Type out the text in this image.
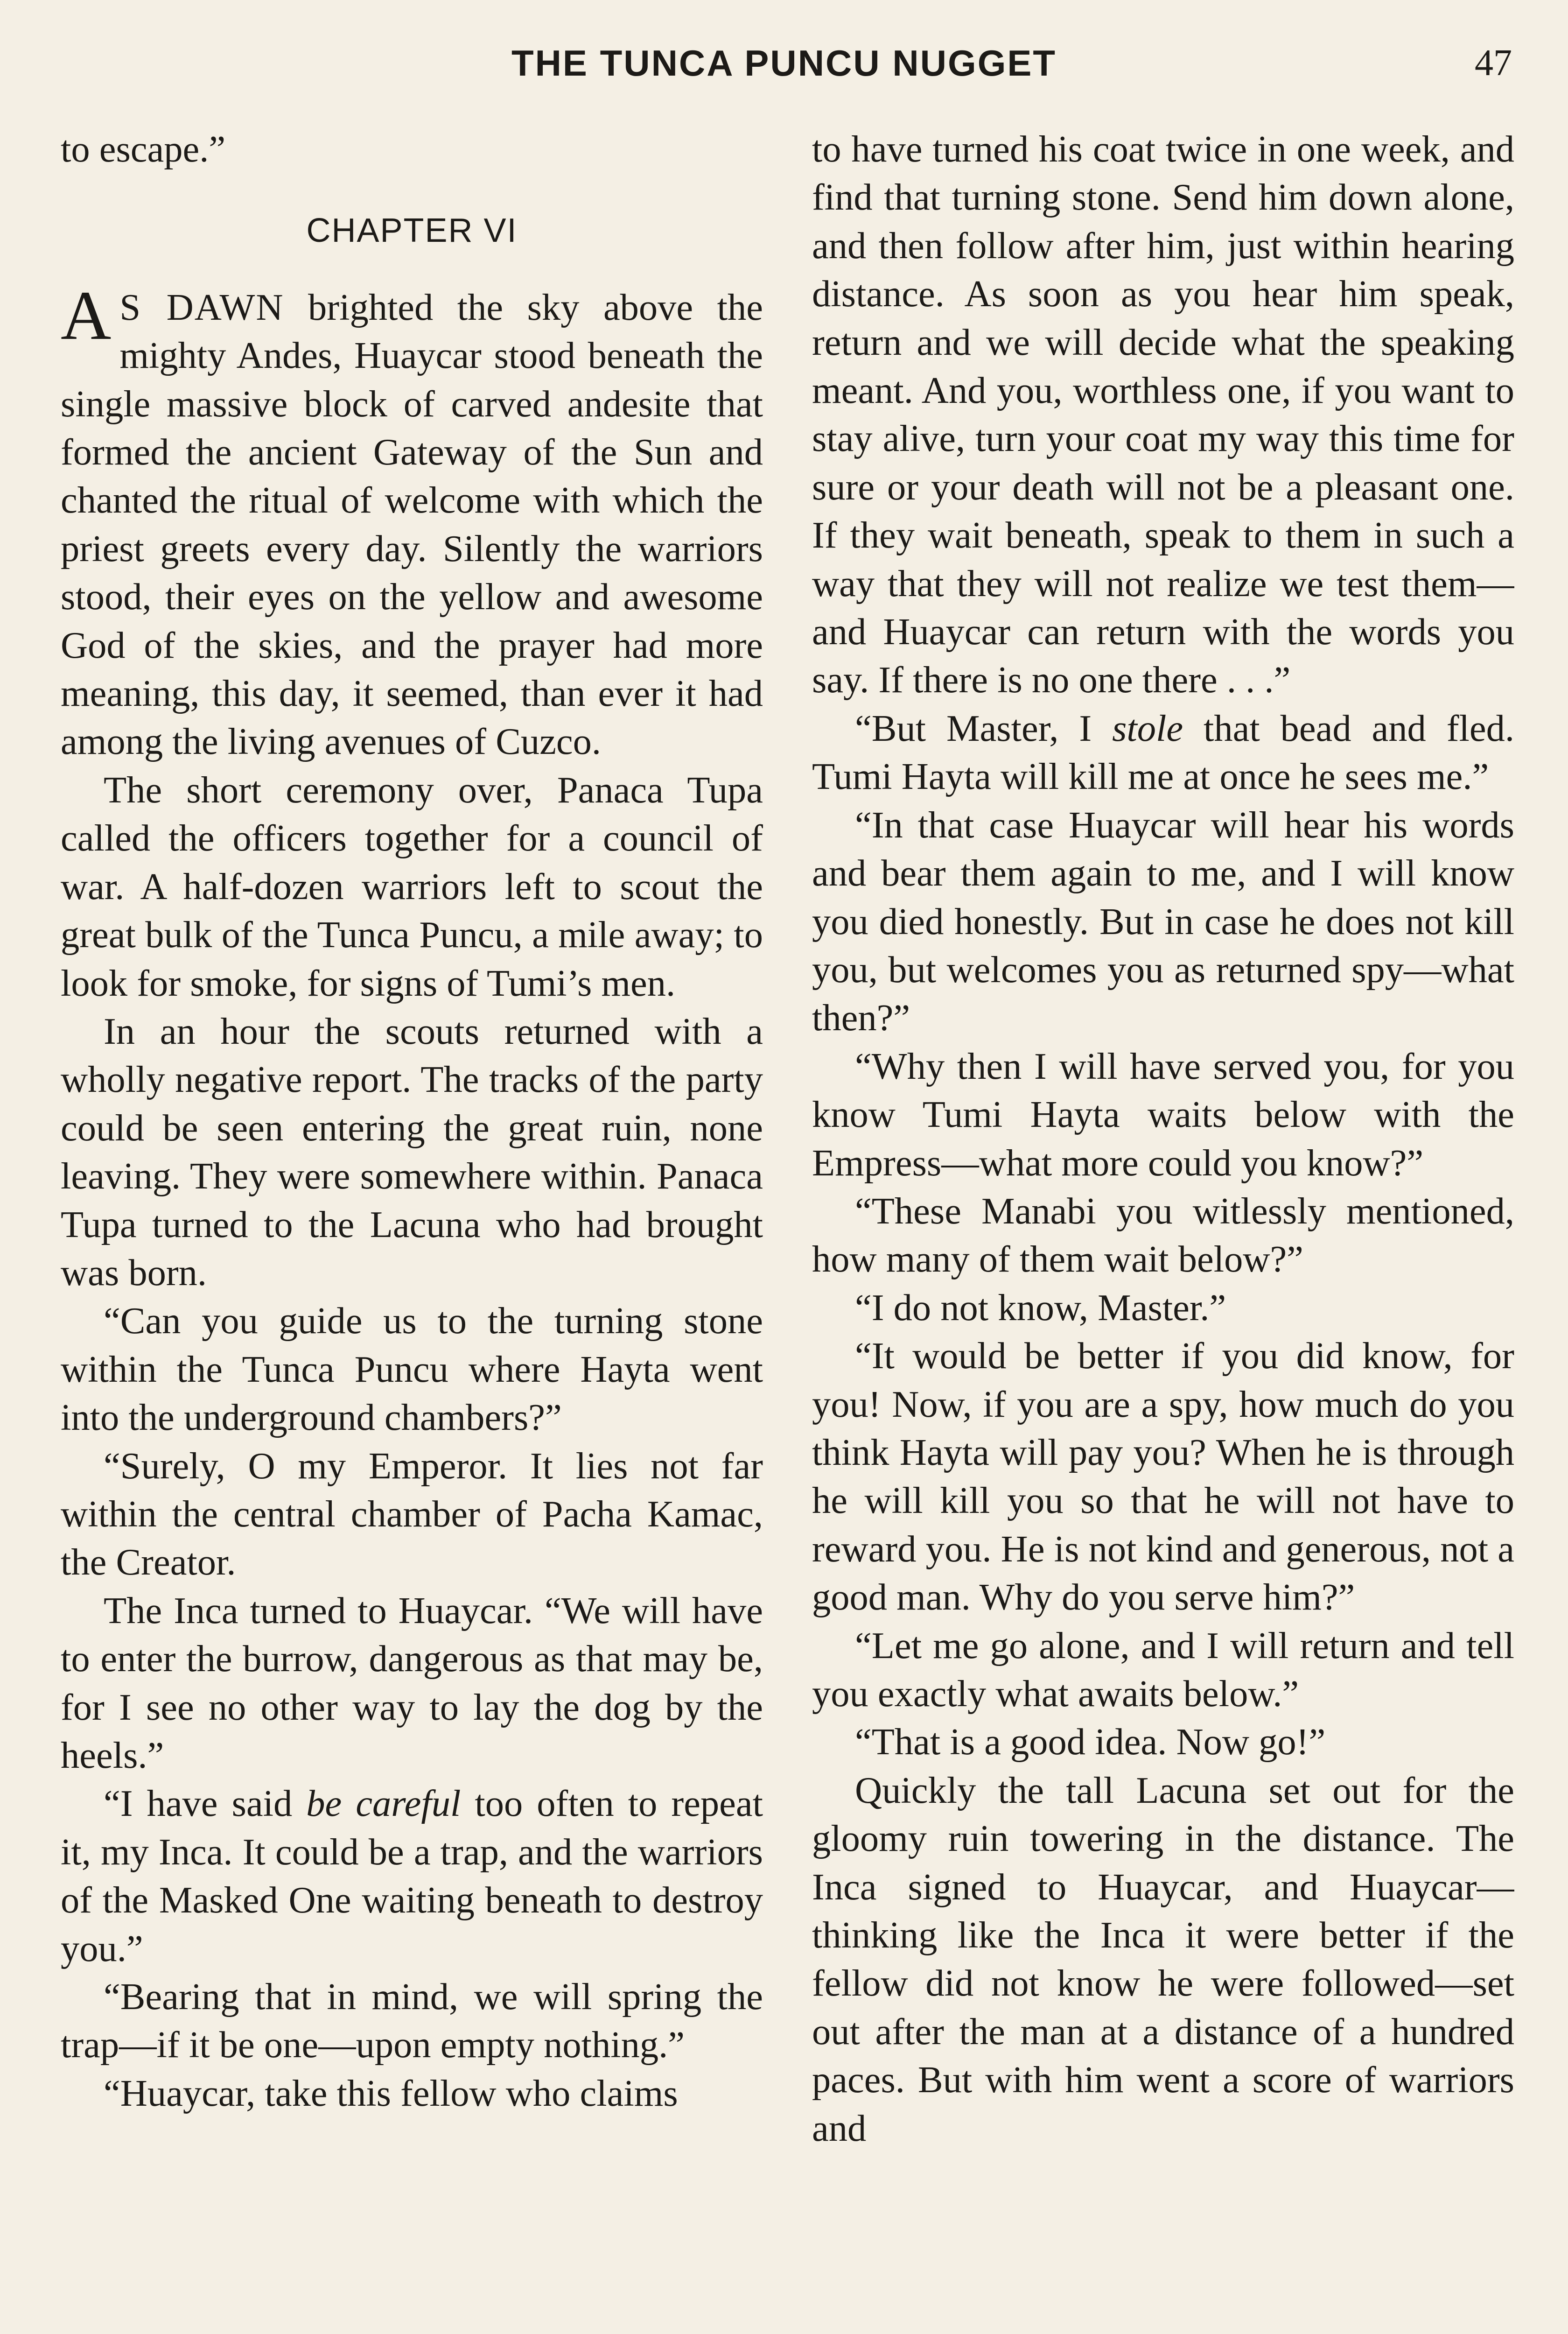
THE TUNCA PUNCU NUGGET	47

to escape.”

CHAPTER VI

A S DAWN brighted the sky above the mighty Andes, Huaycar stood beneath the single massive block of carved andesite that formed the ancient Gateway of the Sun and chanted the ritual of welcome with which the priest greets every day. Silently the warriors stood, their eyes on the yellow and awesome God of the skies, and the prayer had more meaning, this day, it seemed, than ever it had among the living avenues of Cuzco.

The short ceremony over, Panaca Tupa called the officers together for a council of war. A half-dozen warriors left to scout the great bulk of the Tunca Puncu, a mile away; to look for smoke, for signs of Tumi’s men.

In an hour the scouts returned with a wholly negative report. The tracks of the party could be seen entering the great ruin, none leaving. They were somewhere within. Panaca Tupa turned to the Lacuna who had brought was born.

“Can you guide us to the turning stone within the Tunca Puncu where Hayta went into the underground chambers?”

“Surely, O my Emperor. It lies not far within the central chamber of Pacha Kamac, the Creator.

The Inca turned to Huaycar. “We will have to enter the burrow, dangerous as that may be, for I see no other way to lay the dog by the heels.”

“I have said be careful too often to repeat it, my Inca. It could be a trap, and the warriors of the Masked One waiting beneath to destroy you.”

“Bearing that in mind, we will spring the trap—if it be one—upon empty nothing.”

“Huaycar, take this fellow who claims

to have turned his coat twice in one week, and find that turning stone. Send him down alone, and then follow after him, just within hearing distance. As soon as you hear him speak, return and we will decide what the speaking meant. And you, worthless one, if you want to stay alive, turn your coat my way this time for sure or your death will not be a pleasant one. If they wait beneath, speak to them in such a way that they will not realize we test them—and Huaycar can return with the words you say. If there is no one there . . .”

“But Master, I stole that bead and fled. Tumi Hayta will kill me at once he sees me.”

“In that case Huaycar will hear his words and bear them again to me, and I will know you died honestly. But in case he does not kill you, but welcomes you as returned spy—what then?”

“Why then I will have served you, for you know Tumi Hayta waits below with the Empress—what more could you know?”

“These Manabi you witlessly mentioned, how many of them wait below?”

“I do not know, Master.”

“It would be better if you did know, for you! Now, if you are a spy, how much do you think Hayta will pay you? When he is through he will kill you so that he will not have to reward you. He is not kind and generous, not a good man. Why do you serve him?”

“Let me go alone, and I will return and tell you exactly what awaits below.”

“That is a good idea. Now go!”

Quickly the tall Lacuna set out for the gloomy ruin towering in the distance. The Inca signed to Huaycar, and Huaycar—thinking like the Inca it were better if the fellow did not know he were followed—set out after the man at a distance of a hundred paces. But with him went a score of warriors and
